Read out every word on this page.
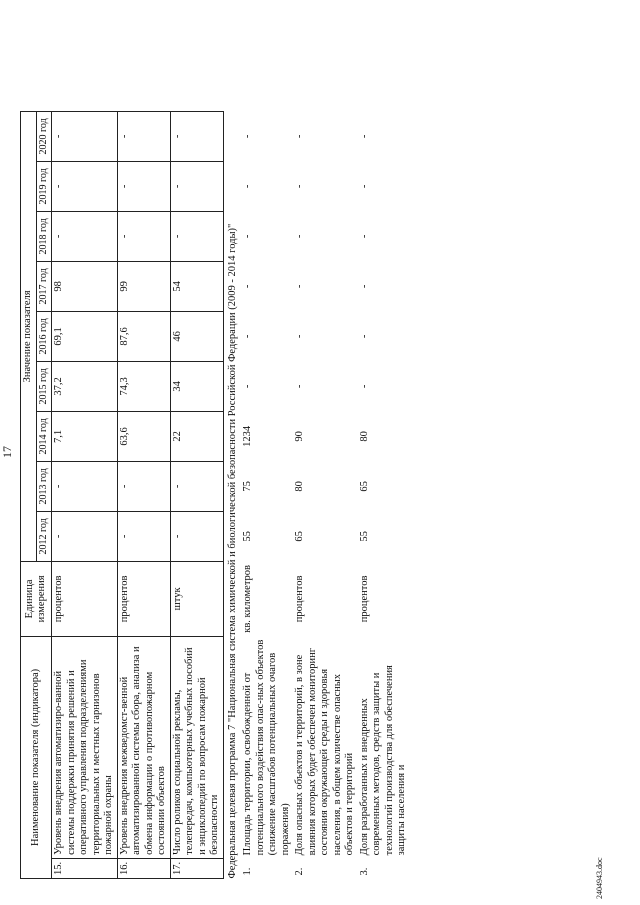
17
Наименование показателя (индикатора)		Единица измерения	Значение показателя								
			2012 год	2013 год	2014 год	2015 год	2016 год	2017 год	2018 год	2019 год	2020 год
15.	Уровень внедрения автоматизиро-ванной системы поддержки принятия решений и оперативного управления подразделениями территориальных и местных гарнизонов пожарной охраны	процентов	-	-	7,1	37,2	69,1	98	-	-	-
16.	Уровень внедрения межведомст-венной автоматизированной системы сбора, анализа и обмена информации о противопожарном состоянии объектов	процентов	-	-	63,6	74,3	87,6	99	-	-	-
17.	Число роликов социальной рекламы, телепередач, компьютерных учебных пособий и энциклопедий по вопросам пожарной безопасности	штук	-	-	22	34	46	54	-	-	-
Федеральная целевая программа 7 "Национальная система химической и биологической безопасности Российской Федерации (2009 - 2014 годы)"											
1.	Площадь территории, освобожденной от потенциального воздействия опас-ных объектов (снижение масштабов потенциальных очагов поражения)	кв. километров	55	75	1234	-	-	-	-	-	-
2.	Доля опасных объектов и территорий, в зоне влияния которых будет обеспечен мониторинг состояния окружающей среды и здоровья населения, в общем количестве опасных объектов и территорий	процентов	65	80	90	-	-	-	-	-	-
3.	Доля разработанных и внедренных современных методов, средств защиты и технологий производства для обеспечения защиты населения и	процентов	55	65	80	-	-	-	-	-	-
2404943.doc
